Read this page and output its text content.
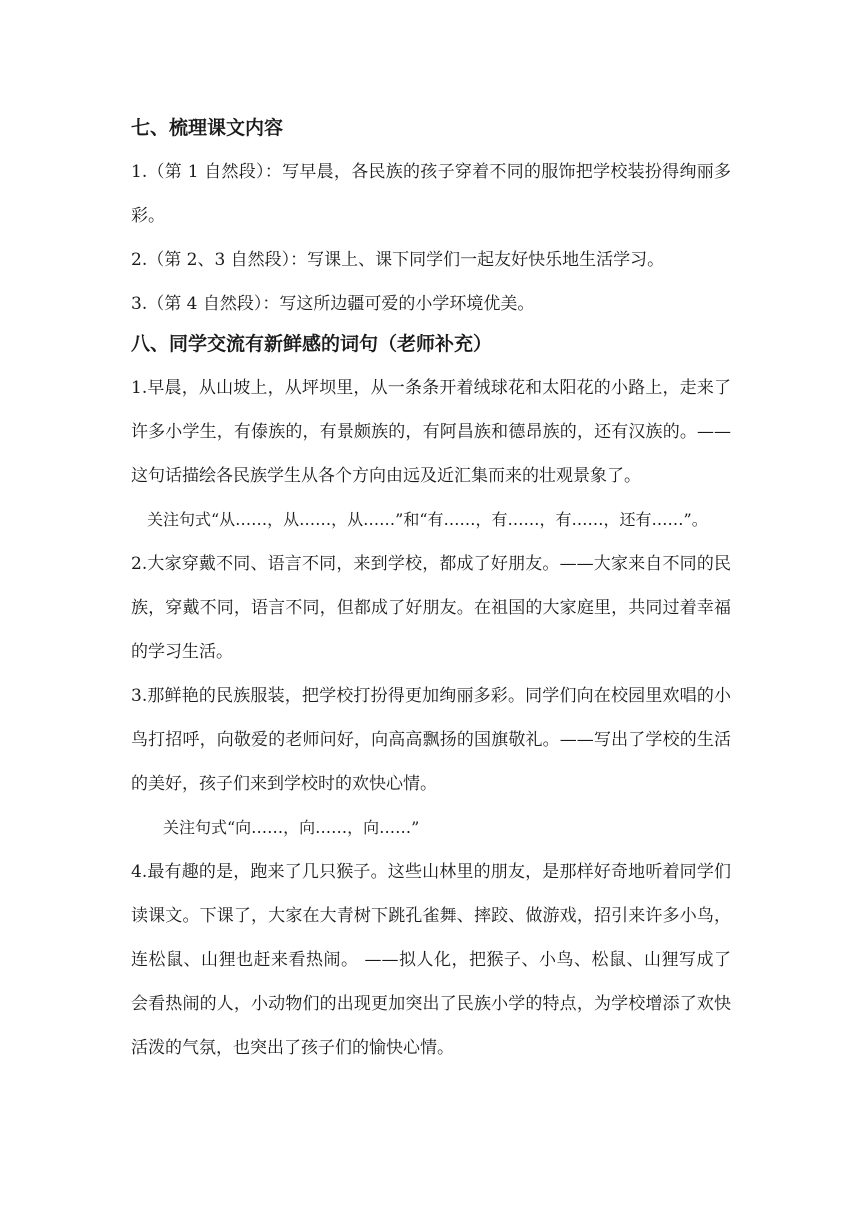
七、梳理课文内容

1.（第 1 自然段）：写早晨，各民族的孩子穿着不同的服饰把学校装扮得绚丽多彩。

2.（第 2、3 自然段）：写课上、课下同学们一起友好快乐地生活学习。

3.（第 4 自然段）：写这所边疆可爱的小学环境优美。

八、同学交流有新鲜感的词句（老师补充）

1.早晨，从山坡上，从坪坝里，从一条条开着绒球花和太阳花的小路上，走来了许多小学生，有傣族的，有景颇族的，有阿昌族和德昂族的，还有汉族的。——这句话描绘各民族学生从各个方向由远及近汇集而来的壮观景象了。

关注句式“从……，从……，从……”和“有……，有……，有……，还有……”。

2.大家穿戴不同、语言不同，来到学校，都成了好朋友。——大家来自不同的民族，穿戴不同，语言不同，但都成了好朋友。在祖国的大家庭里，共同过着幸福的学习生活。

3.那鲜艳的民族服装，把学校打扮得更加绚丽多彩。同学们向在校园里欢唱的小鸟打招呼，向敬爱的老师问好，向高高飘扬的国旗敬礼。——写出了学校的生活的美好，孩子们来到学校时的欢快心情。

关注句式“向……，向……，向……”

4.最有趣的是，跑来了几只猴子。这些山林里的朋友，是那样好奇地听着同学们读课文。下课了，大家在大青树下跳孔雀舞、摔跤、做游戏，招引来许多小鸟，连松鼠、山狸也赶来看热闹。 ——拟人化，把猴子、小鸟、松鼠、山狸写成了会看热闹的人，小动物们的出现更加突出了民族小学的特点，为学校增添了欢快活泼的气氛，也突出了孩子们的愉快心情。
